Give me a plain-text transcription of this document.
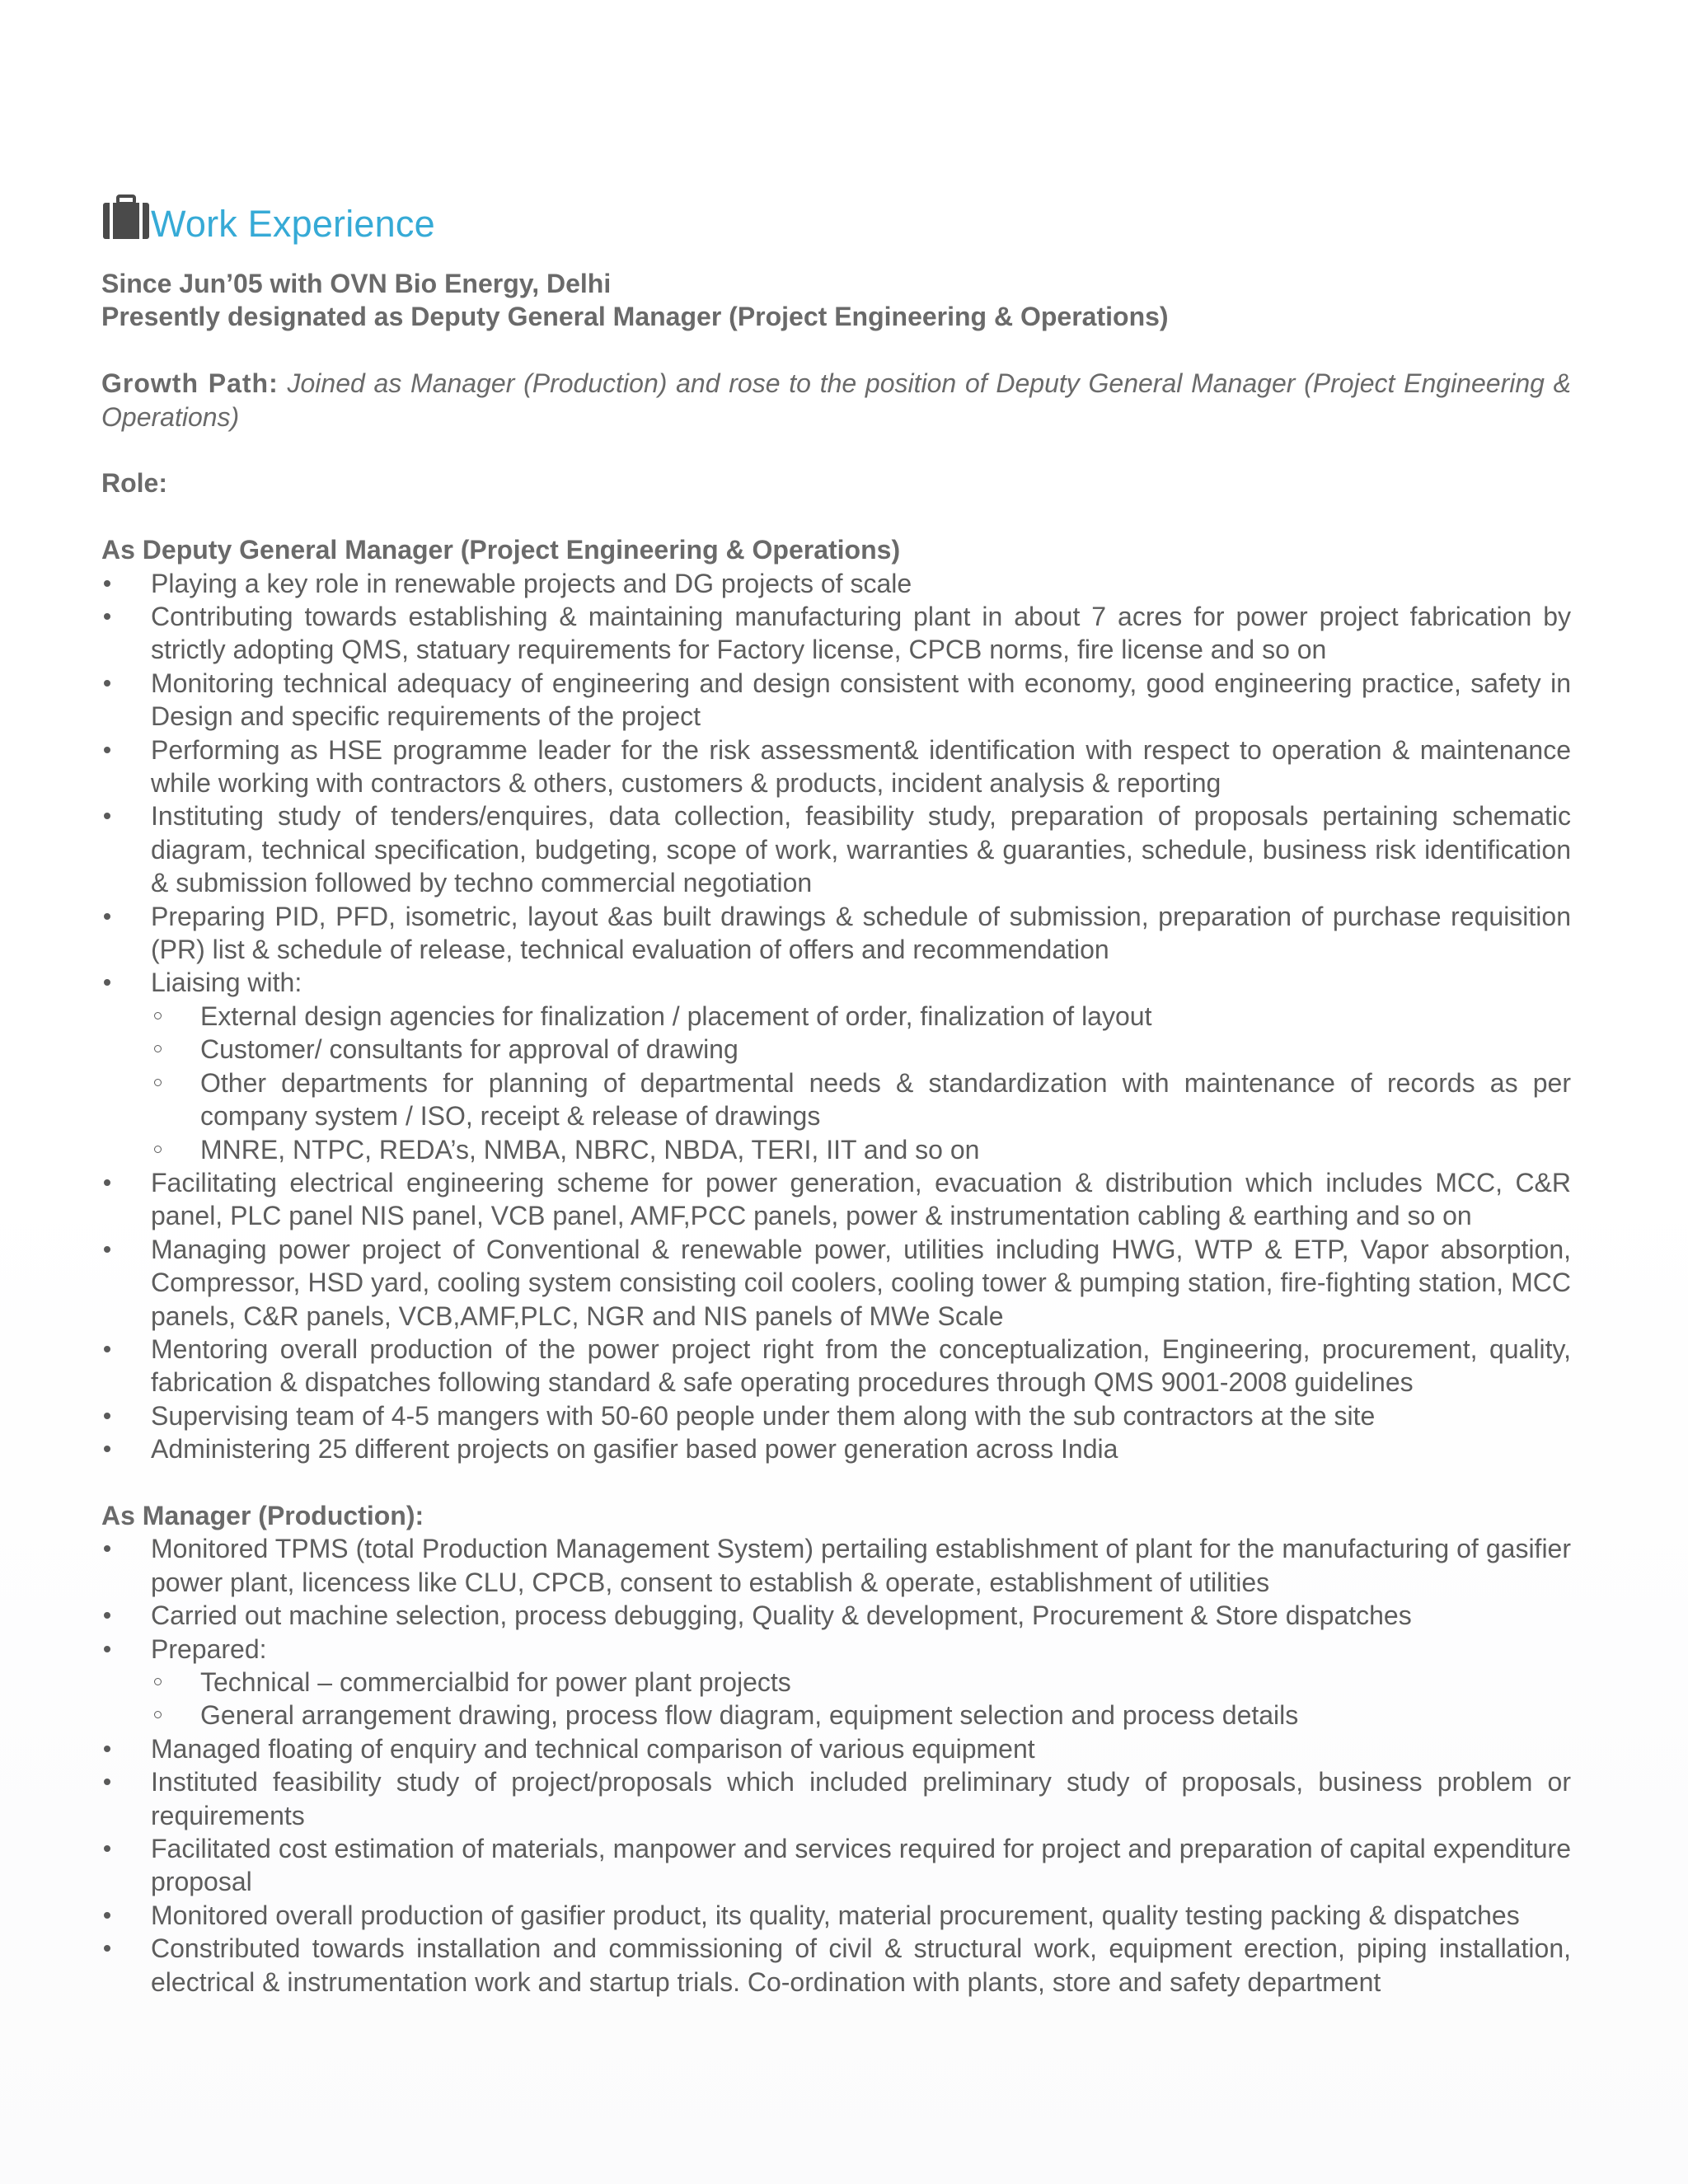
Work Experience

Since Jun’05 with OVN Bio Energy, Delhi

Presently designated as Deputy General Manager (Project Engineering & Operations)

Growth Path: Joined as Manager (Production) and rose to the position of Deputy General Manager (Project Engineering & Operations)

Role:

As Deputy General Manager (Project Engineering & Operations)

Playing a key role in renewable projects and DG projects of scale
Contributing towards establishing & maintaining manufacturing plant in about 7 acres for power project fabrication by strictly adopting QMS, statuary requirements for Factory license, CPCB norms, fire license and so on
Monitoring technical adequacy of engineering and design consistent with economy, good engineering practice, safety in Design and specific requirements of the project
Performing as HSE programme leader for the risk assessment& identification with respect to operation & maintenance while working with contractors & others, customers & products, incident analysis & reporting
Instituting study of tenders/enquires, data collection, feasibility study, preparation of proposals pertaining schematic diagram, technical specification, budgeting, scope of work, warranties & guaranties, schedule, business risk identification & submission followed by techno commercial negotiation
Preparing PID, PFD, isometric, layout &as built drawings & schedule of submission, preparation of purchase requisition (PR) list & schedule of release, technical evaluation of offers and recommendation
Liaising with:
External design agencies for finalization / placement of order, finalization of layout
Customer/ consultants for approval of drawing
Other departments for planning of departmental needs & standardization with maintenance of records as per company system / ISO, receipt & release of drawings
MNRE, NTPC, REDA’s, NMBA, NBRC, NBDA, TERI, IIT and so on
Facilitating electrical engineering scheme for power generation, evacuation & distribution which includes MCC, C&R panel, PLC panel NIS panel, VCB panel, AMF,PCC panels, power & instrumentation cabling & earthing and so on
Managing power project of Conventional & renewable power, utilities including HWG, WTP & ETP, Vapor absorption, Compressor, HSD yard, cooling system consisting coil coolers, cooling tower & pumping station, fire-fighting station, MCC panels, C&R panels, VCB,AMF,PLC, NGR and NIS panels of MWe Scale
Mentoring overall production of the power project right from the conceptualization, Engineering, procurement, quality, fabrication & dispatches following standard & safe operating procedures through QMS 9001-2008 guidelines
Supervising team of 4-5 mangers with 50-60 people under them along with the sub contractors at the site
Administering 25 different projects on gasifier based power generation across India

As Manager (Production):

Monitored TPMS (total Production Management System) pertailing establishment of plant for the manufacturing of gasifier power plant, licencess like CLU, CPCB, consent to establish & operate, establishment of utilities
Carried out machine selection, process debugging, Quality & development, Procurement & Store dispatches
Prepared:
Technical – commercialbid for power plant projects
General arrangement drawing, process flow diagram, equipment selection and process details
Managed floating of enquiry and technical comparison of various equipment
Instituted feasibility study of project/proposals which included preliminary study of proposals, business problem or requirements
Facilitated cost estimation of materials, manpower and services required for project and preparation of capital expenditure proposal
Monitored overall production of gasifier product, its quality, material procurement, quality testing packing & dispatches
Constributed towards installation and commissioning of civil & structural work, equipment erection, piping installation, electrical & instrumentation work and startup trials. Co-ordination with plants, store and safety department
